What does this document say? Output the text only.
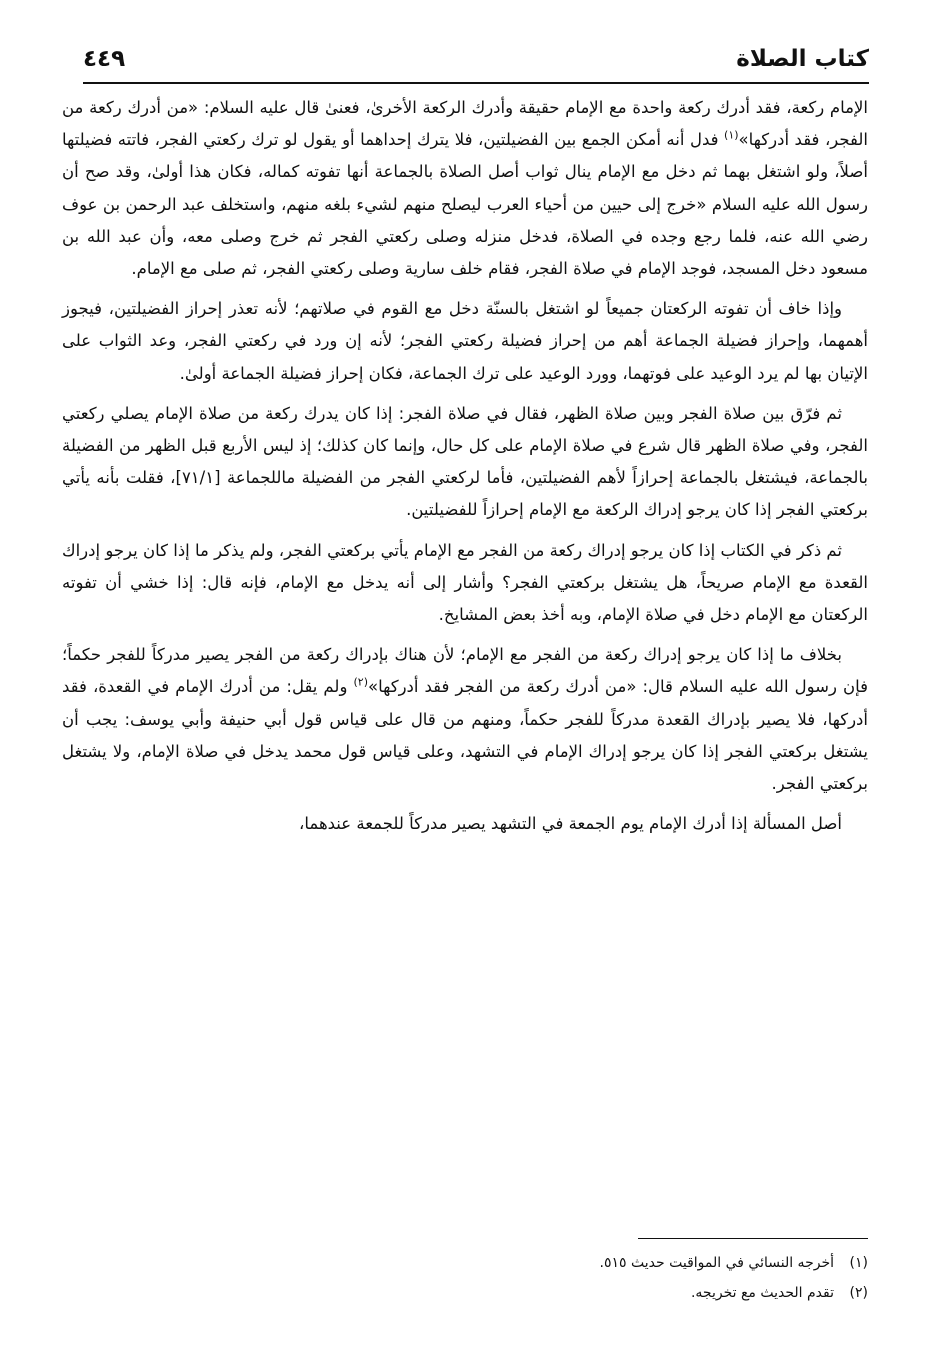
كتاب الصلاة
٤٤٩

الإمام ركعة، فقد أدرك ركعة واحدة مع الإمام حقيقة وأدرك الركعة الأخرىٰ، فعنىٰ قال عليه السلام: «من أدرك ركعة من الفجر، فقد أدركها»$^{(١)}$ فدل أنه أمكن الجمع بين الفضيلتين، فلا يترك إحداهما أو يقول لو ترك ركعتي الفجر، فاتته فضيلتها أصلاً، ولو اشتغل بهما ثم دخل مع الإمام ينال ثواب أصل الصلاة بالجماعة أنها تفوته كماله، فكان هذا أولىٰ، وقد صح أن رسول الله عليه السلام «خرج إلى حيين من أحياء العرب ليصلح منهم لشيء بلغه منهم، واستخلف عبد الرحمن بن عوف رضي الله عنه، فلما رجع وجده في الصلاة، فدخل منزله وصلى ركعتي الفجر ثم خرج وصلى معه، وأن عبد الله بن مسعود دخل المسجد، فوجد الإمام في صلاة الفجر، فقام خلف سارية وصلى ركعتي الفجر، ثم صلى مع الإمام.

وإذا خاف أن تفوته الركعتان جميعاً لو اشتغل بالسنّة دخل مع القوم في صلاتهم؛ لأنه تعذر إحراز الفضيلتين، فيجوز أهمهما، وإحراز فضيلة الجماعة أهم من إحراز فضيلة ركعتي الفجر؛ لأنه إن ورد في ركعتي الفجر، وعد الثواب على الإتيان بها لم يرد الوعيد على فوتهما، وورد الوعيد على ترك الجماعة، فكان إحراز فضيلة الجماعة أولىٰ.

ثم فرّق بين صلاة الفجر وبين صلاة الظهر، فقال في صلاة الفجر: إذا كان يدرك ركعة من صلاة الإمام يصلي ركعتي الفجر، وفي صلاة الظهر قال شرع في صلاة الإمام على كل حال، وإنما كان كذلك؛ إذ ليس الأربع قبل الظهر من الفضيلة بالجماعة، فيشتغل بالجماعة إحرازاً لأهم الفضيلتين، فأما لركعتي الفجر من الفضيلة ماللجماعة [٧١/١]، فقلت بأنه يأتي بركعتي الفجر إذا كان يرجو إدراك الركعة مع الإمام إحرازاً للفضيلتين.

ثم ذكر في الكتاب إذا كان يرجو إدراك ركعة من الفجر مع الإمام يأتي بركعتي الفجر، ولم يذكر ما إذا كان يرجو إدراك القعدة مع الإمام صريحاً، هل يشتغل بركعتي الفجر؟ وأشار إلى أنه يدخل مع الإمام، فإنه قال: إذا خشي أن تفوته الركعتان مع الإمام دخل في صلاة الإمام، وبه أخذ بعض المشايخ.

بخلاف ما إذا كان يرجو إدراك ركعة من الفجر مع الإمام؛ لأن هناك بإدراك ركعة من الفجر يصير مدركاً للفجر حكماً؛ فإن رسول الله عليه السلام قال: «من أدرك ركعة من الفجر فقد أدركها»$^{(٢)}$ ولم يقل: من أدرك الإمام في القعدة، فقد أدركها، فلا يصير بإدراك القعدة مدركاً للفجر حكماً، ومنهم من قال على قياس قول أبي حنيفة وأبي يوسف: يجب أن يشتغل بركعتي الفجر إذا كان يرجو إدراك الإمام في التشهد، وعلى قياس قول محمد يدخل في صلاة الإمام، ولا يشتغل بركعتي الفجر.

أصل المسألة إذا أدرك الإمام يوم الجمعة في التشهد يصير مدركاً للجمعة عندهما،

(١)أخرجه النسائي في المواقيت حديث ٥١٥.
(٢)تقدم الحديث مع تخريجه.
